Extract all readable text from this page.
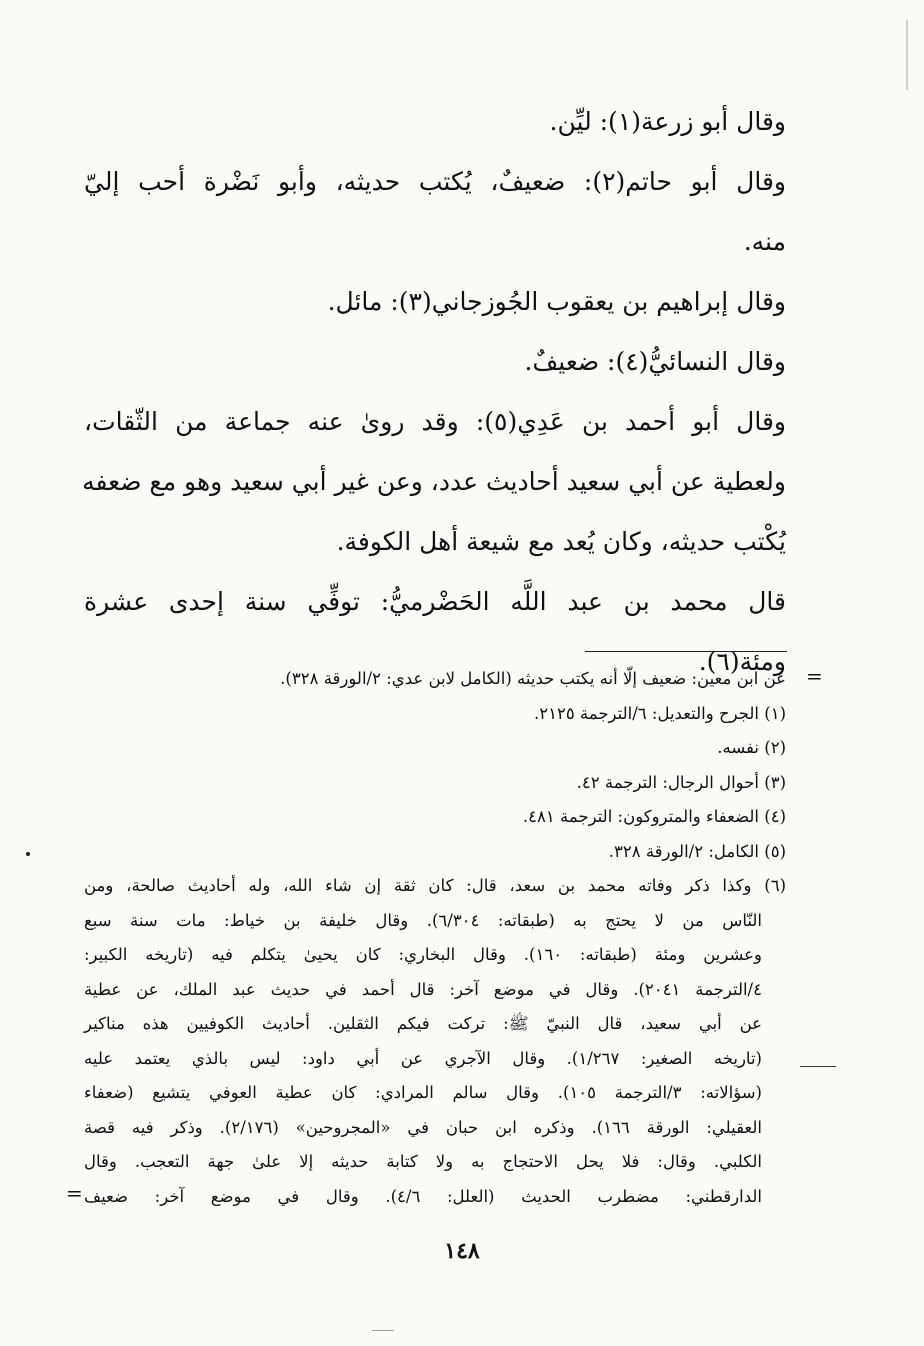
وقال أبو زرعة(١): ليِّن.
وقال أبو حاتم(٢): ضعيفٌ، يُكتب حديثه، وأبو نَضْرة أحب إليّ
منه.
وقال إبراهيم بن يعقوب الجُوزجاني(٣): مائل.
وقال النسائيُّ(٤): ضعيفٌ.
وقال أبو أحمد بن عَدِي(٥): وقد روىٰ عنه جماعة من الثّقات،
ولعطية عن أبي سعيد أحاديث عدد، وعن غير أبي سعيد وهو مع ضعفه
يُكْتب حديثه، وكان يُعد مع شيعة أهل الكوفة.
قال محمد بن عبد اللَّه الحَضْرميُّ: توفِّي سنة إحدى عشرة
ومئة(٦). =
عن ابن معين: ضعيف إلّا أنه يكتب حديثه (الكامل لابن عدي: ٢/الورقة ٣٢٨).
(١) الجرح والتعديل: ٦/الترجمة ٢١٢٥.
(٢) نفسه.
(٣) أحوال الرجال: الترجمة ٤٢.
(٤) الضعفاء والمتروكون: الترجمة ٤٨١.
(٥) الكامل: ٢/الورقة ٣٢٨.
(٦) وكذا ذكر وفاته محمد بن سعد، قال: كان ثقة إن شاء الله، وله أحاديث صالحة، ومن
النّاس من لا يحتج به (طبقاته: ٦/٣٠٤). وقال خليفة بن خياط: مات سنة سبع
وعشرين ومئة (طبقاته: ١٦٠). وقال البخاري: كان يحيىٰ يتكلم فيه (تاريخه الكبير:
٤/الترجمة ٢٠٤١). وقال في موضع آخر: قال أحمد في حديث عبد الملك، عن عطية
عن أبي سعيد، قال النبيّ ﷺ: تركت فيكم الثقلين. أحاديث الكوفيين هذه مناكير
(تاريخه الصغير: ١/٢٦٧). وقال الآجري عن أبي داود: ليس بالذي يعتمد عليه
(سؤالاته: ٣/الترجمة ١٠٥). وقال سالم المرادي: كان عطية العوفي يتشيع (ضعفاء
العقيلي: الورقة ١٦٦). وذكره ابن حبان في «المجروحين» (٢/١٧٦). وذكر فيه قصة
الكلبي. وقال: فلا يحل الاحتجاج به ولا كتابة حديثه إلا علىٰ جهة التعجب. وقال
الدارقطني: مضطرب الحديث (العلل: ٤/٦). وقال في موضع آخر: ضعيف
=
١٤٨
